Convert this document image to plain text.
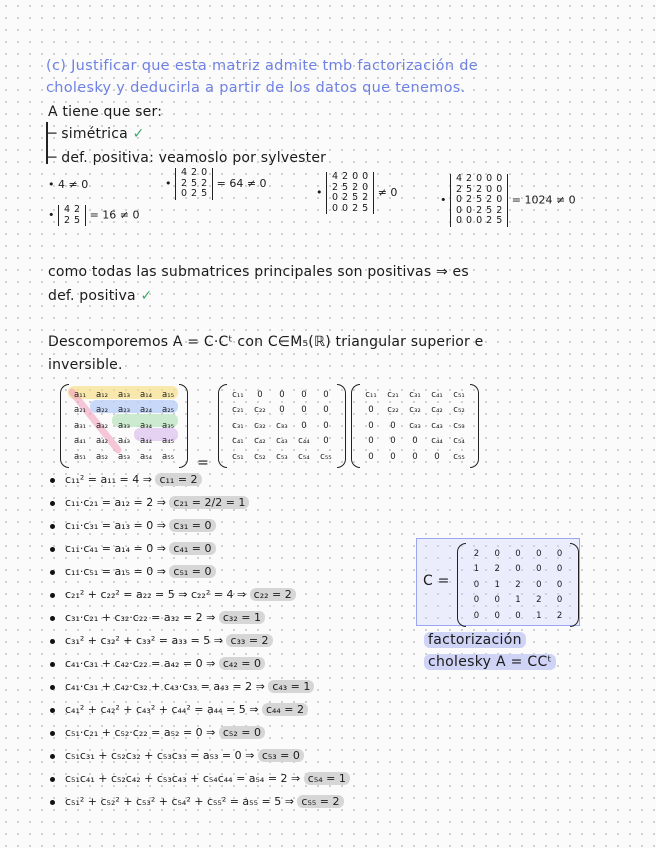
(c) Justificar que esta matriz admite tmb factorización de
cholesky y deducirla a partir de los datos que tenemos.
A tiene que ser:
─ simétrica ✓
─ def. positiva: veamoslo por sylvester
• 4 ≠ 0
• 4	2
2	5 = 16 ≠ 0
•
4	2	0
2	5	2
0	2	5
= 64 ≠ 0
•
4	2	0	0
2	5	2	0
0	2	5	2
0	0	2	5
≠ 0
•
4	2	0	0	0
2	5	2	0	0
0	2	5	2	0
0	0	2	5	2
0	0	0	2	5
= 1024 ≠ 0
como todas las submatrices principales son positivas ⇒ es
def. positiva ✓
Descomporemos A = C·Cᵗ con C∈M₅(ℝ) triangular superior e
inversible.
a₁₁	a₁₂	a₁₃	a₁₄	a₁₅
a₂₁	a₂₂	a₂₃	a₂₄	a₂₅
a₃₁	a₃₂	a₃₃	a₃₄	a₃₅
a₄₁	a₄₂	a₄₃	a₄₄	a₄₅
a₅₁	a₅₂	a₅₃	a₅₄	a₅₅ =
c₁₁	0	0	0	0
c₂₁	c₂₂	0	0	0
c₃₁	c₃₂	c₃₃	0	0
c₄₁	c₄₂	c₄₃	c₄₄	0
c₅₁	c₅₂	c₅₃	c₅₄	c₅₅

c₁₁	c₂₁	c₃₁	c₄₁	c₅₁
0	c₂₂	c₃₂	c₄₂	c₅₂
0	0	c₃₃	c₄₃	c₅₃
0	0	0	c₄₄	c₅₄
0	0	0	0	c₅₅
c₁₁² = a₁₁ = 4 ⇒ c₁₁ = 2
c₁₁·c₂₁ = a₁₂ = 2 ⇒ c₂₁ = 2/2 = 1
c₁₁·c₃₁ = a₁₃ = 0 ⇒ c₃₁ = 0
c₁₁·c₄₁ = a₁₄ = 0 ⇒ c₄₁ = 0
c₁₁·c₅₁ = a₁₅ = 0 ⇒ c₅₁ = 0
c₂₁² + c₂₂² = a₂₂ = 5 ⇒ c₂₂² = 4 ⇒ c₂₂ = 2
c₃₁·c₂₁ + c₃₂·c₂₂ = a₃₂ = 2 ⇒ c₃₂ = 1
c₃₁² + c₃₂² + c₃₃² = a₃₃ = 5 ⇒ c₃₃ = 2
c₄₁·c₃₁ + c₄₂·c₂₂ = a₄₂ = 0 ⇒ c₄₂ = 0
c₄₁·c₃₁ + c₄₂·c₃₂ + c₄₃·c₃₃ = a₄₃ = 2 ⇒ c₄₃ = 1
c₄₁² + c₄₂² + c₄₃² + c₄₄² = a₄₄ = 5 ⇒ c₄₄ = 2
c₅₁·c₂₁ + c₅₂·c₂₂ = a₅₂ = 0 ⇒ c₅₂ = 0
c₅₁c₃₁ + c₅₂c₃₂ + c₅₃c₃₃ = a₅₃ = 0 ⇒ c₅₃ = 0
c₅₁c₄₁ + c₅₂c₄₂ + c₅₃c₄₃ + c₅₄c₄₄ = a₅₄ = 2 ⇒ c₅₄ = 1
c₅₁² + c₅₂² + c₅₃² + c₅₄² + c₅₅² = a₅₅ = 5 ⇒ c₅₅ = 2
C =
2	0	0	0	0
1	2	0	0	0
0	1	2	0	0
0	0	1	2	0
0	0	0	1	2
factorización
cholesky A = CCᵗ
